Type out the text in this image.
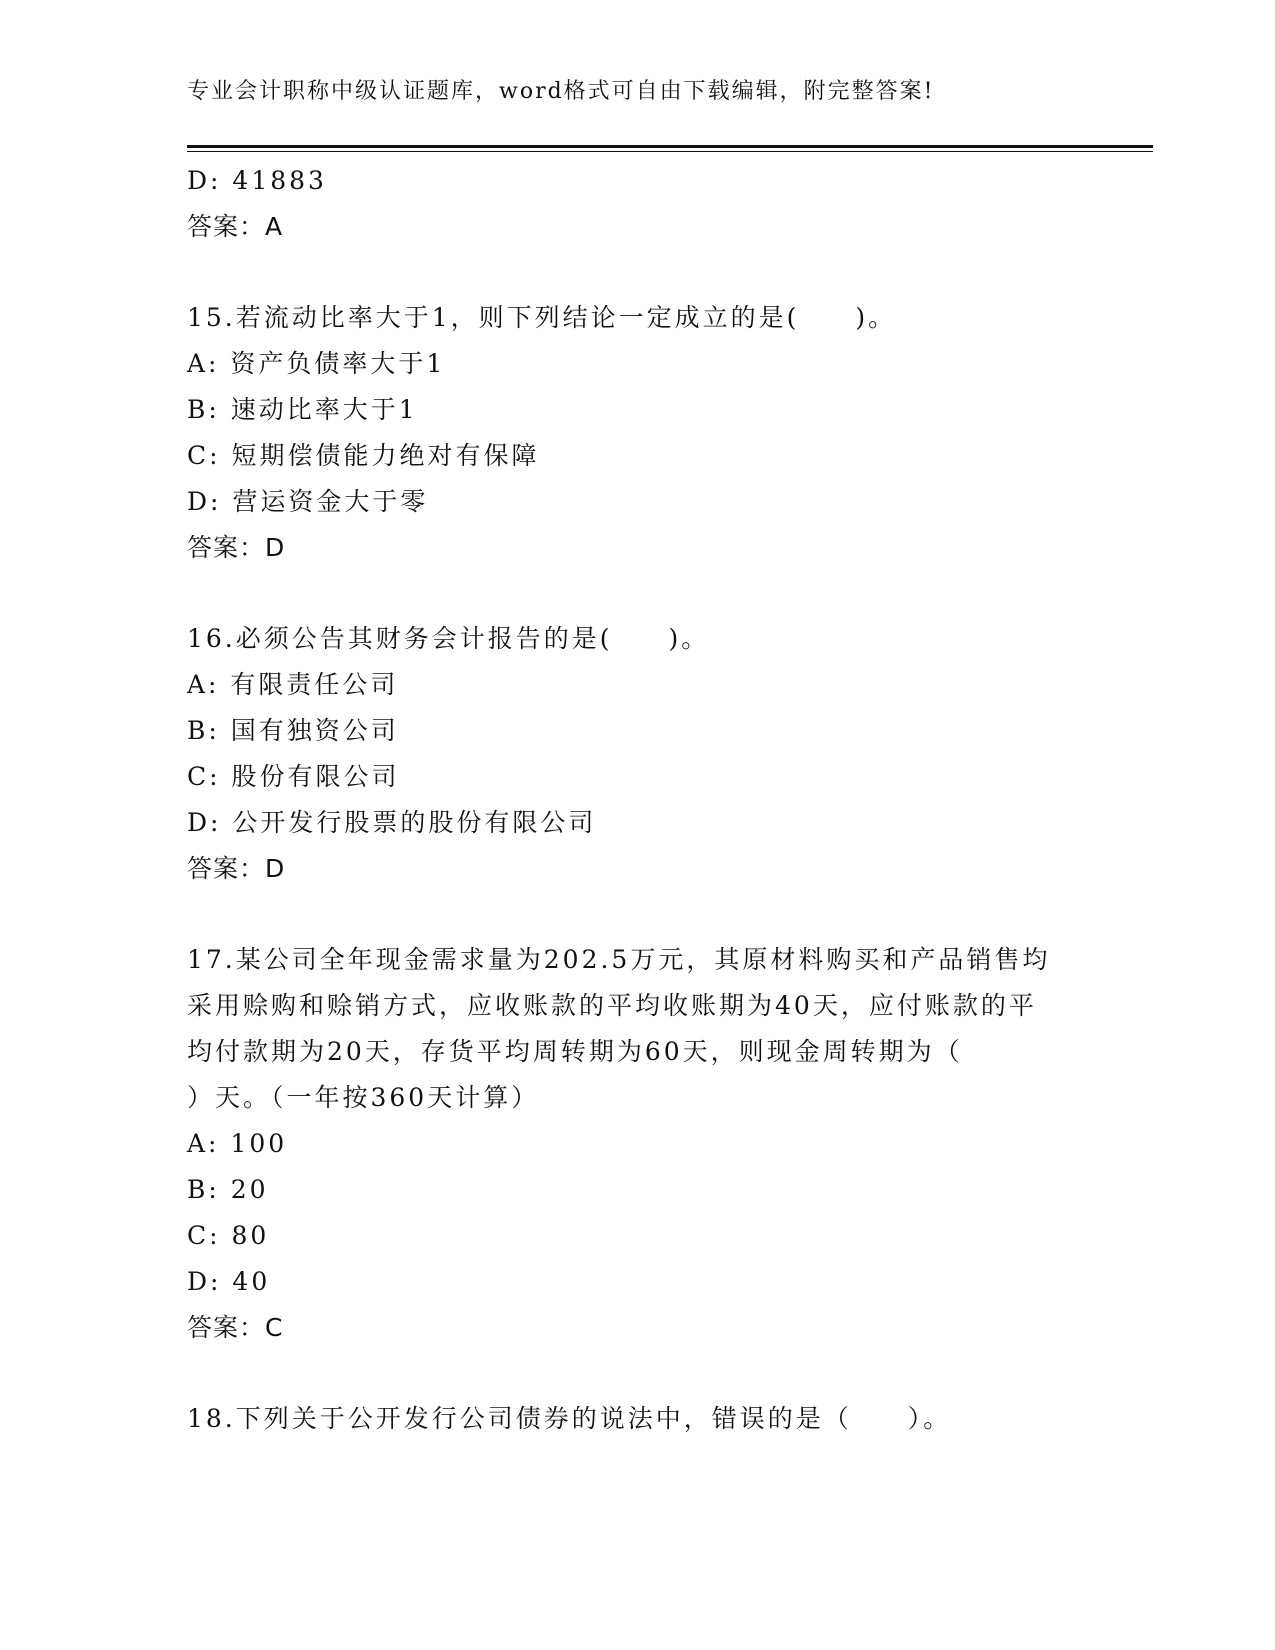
专业会计职称中级认证题库，word格式可自由下载编辑，附完整答案!
D: 41883
答案：A
15.若流动比率大于1，则下列结论一定成立的是(　　)。
A: 资产负债率大于1
B: 速动比率大于1
C: 短期偿债能力绝对有保障
D: 营运资金大于零
答案：D
16.必须公告其财务会计报告的是(　　)。
A: 有限责任公司
B: 国有独资公司
C: 股份有限公司
D: 公开发行股票的股份有限公司
答案：D
17.某公司全年现金需求量为202.5万元，其原材料购买和产品销售均
采用赊购和赊销方式，应收账款的平均收账期为40天，应付账款的平
均付款期为20天，存货平均周转期为60天，则现金周转期为（
）天。（一年按360天计算）
A: 100
B: 20
C: 80
D: 40
答案：C
18.下列关于公开发行公司债券的说法中，错误的是（　　）。
